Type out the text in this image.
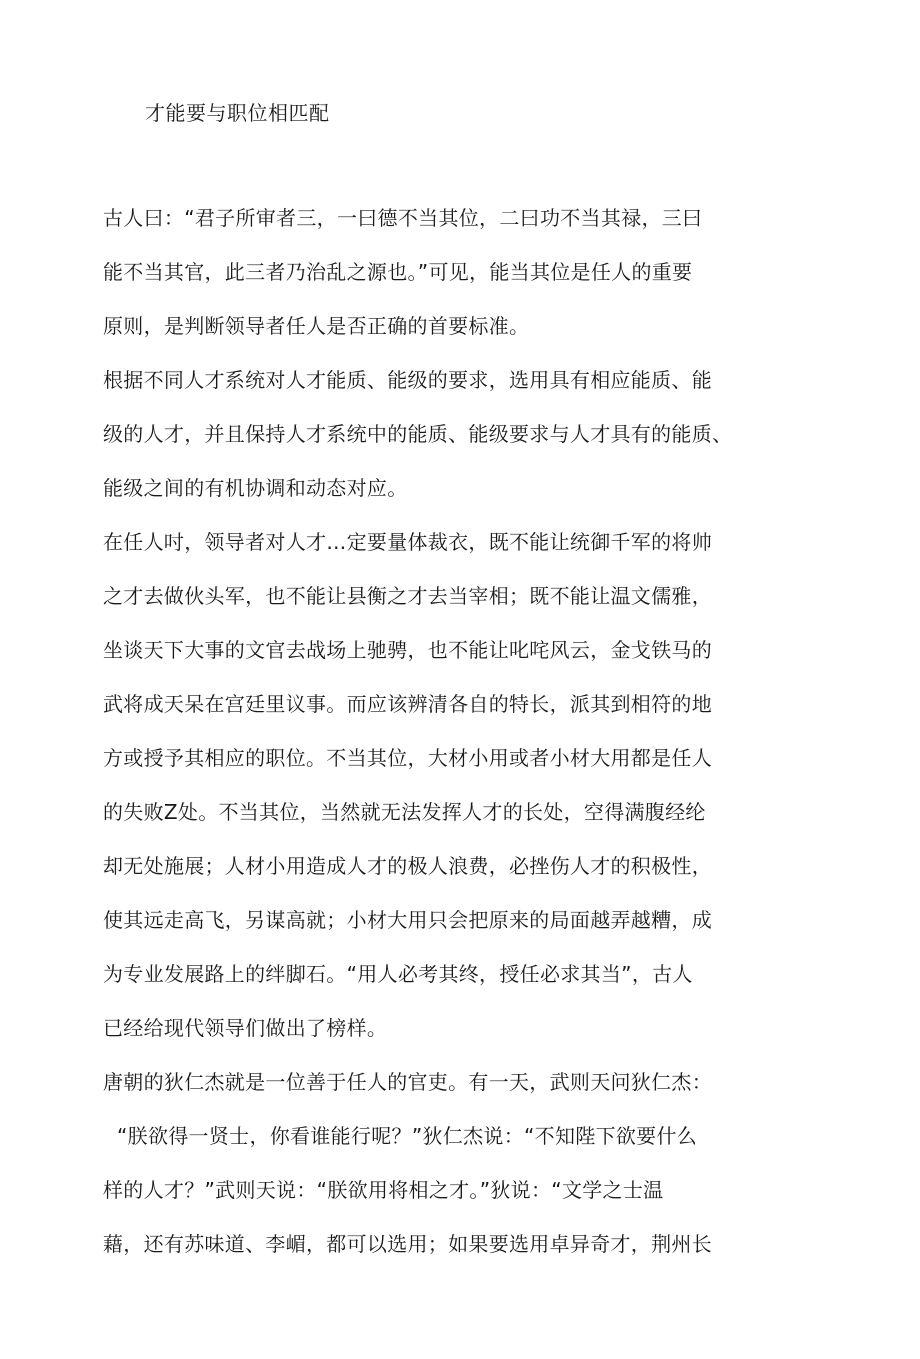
才能要与职位相匹配
古人曰：“君子所审者三，一曰德不当其位，二曰功不当其禄，三曰
能不当其官，此三者乃治乱之源也。”可见，能当其位是任人的重要
原则，是判断领导者任人是否正确的首要标准。
根据不同人才系统对人才能质、能级的要求，选用具有相应能质、能
级的人才，并且保持人才系统中的能质、能级要求与人才具有的能质、
能级之间的有机协调和动态对应。
在任人吋，领导者对人才…定要量体裁衣，既不能让统御千军的将帅
之才去做伙头军，也不能让县衡之才去当宰相；既不能让温文儒雅，
坐谈天下大事的文官去战场上驰骋，也不能让叱咤风云，金戈铁马的
武将成天呆在宫廷里议事。而应该辨清各自的特长，派其到相符的地
方或授予其相应的职位。不当其位，大材小用或者小材大用都是任人
的失败Z处。不当其位，当然就无法发挥人才的长处，空得满腹经纶
却无处施展；人材小用造成人才的极人浪费，必挫伤人才的积极性，
使其远走高飞，另谋高就；小材大用只会把原来的局面越弄越糟，成
为专业发展路上的绊脚石。“用人必考其终，授任必求其当”，古人
已经给现代领导们做出了榜样。
唐朝的狄仁杰就是一位善于任人的官吏。有一天，武则天问狄仁杰：
“朕欲得一贤士，你看谁能行呢？”狄仁杰说：“不知陛下欲要什么
样的人才？”武则天说：“朕欲用将相之才。”狄说：“文学之士温
藉，还有苏味道、李嵋，都可以选用；如果要选用卓异奇才，荆州长
